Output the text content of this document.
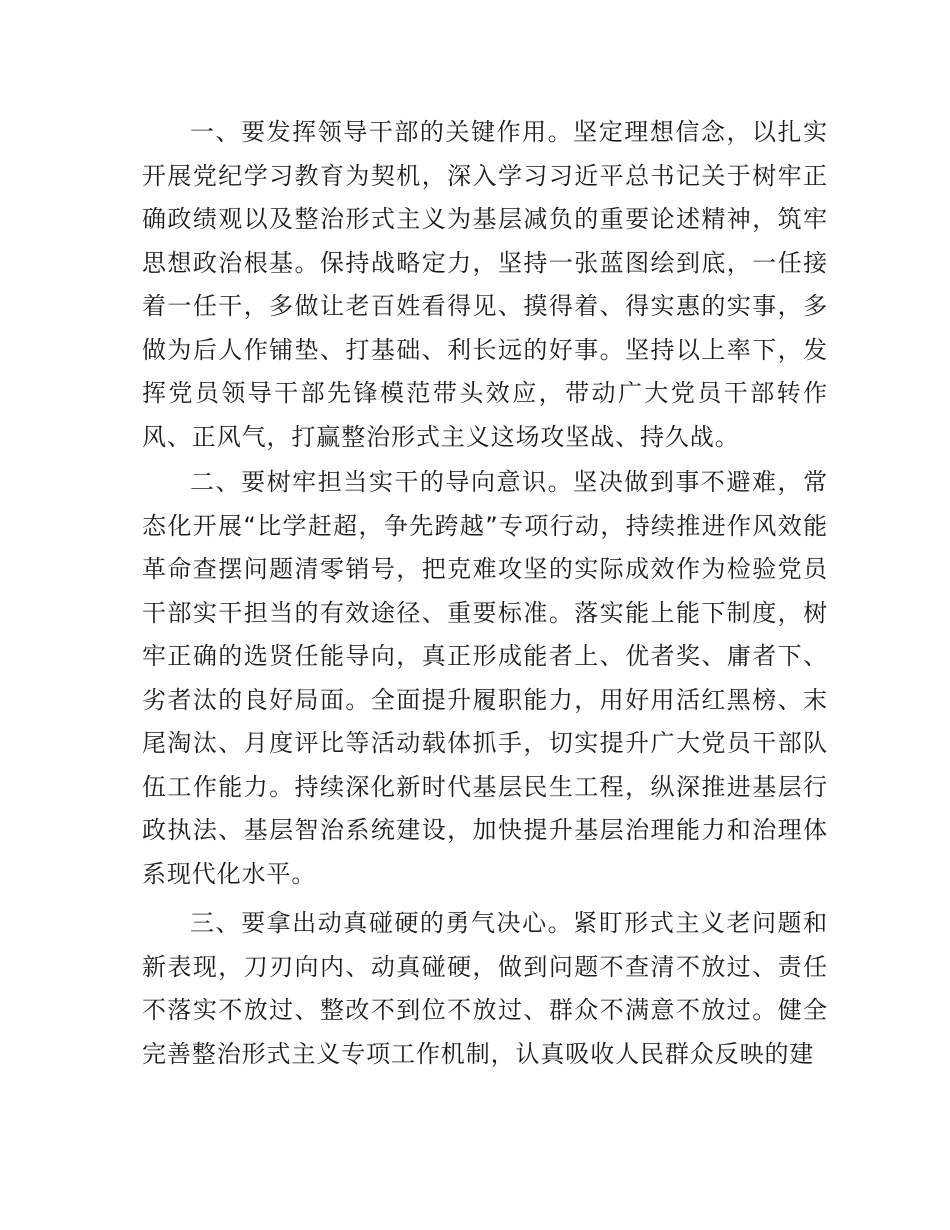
一、要发挥领导干部的关键作用。坚定理想信念，以扎实开展党纪学习教育为契机，深入学习习近平总书记关于树牢正确政绩观以及整治形式主义为基层减负的重要论述精神，筑牢思想政治根基。保持战略定力，坚持一张蓝图绘到底，一任接着一任干，多做让老百姓看得见、摸得着、得实惠的实事，多做为后人作铺垫、打基础、利长远的好事。坚持以上率下，发挥党员领导干部先锋模范带头效应，带动广大党员干部转作风、正风气，打赢整治形式主义这场攻坚战、持久战。

二、要树牢担当实干的导向意识。坚决做到事不避难，常态化开展“比学赶超，争先跨越”专项行动，持续推进作风效能革命查摆问题清零销号，把克难攻坚的实际成效作为检验党员干部实干担当的有效途径、重要标准。落实能上能下制度，树牢正确的选贤任能导向，真正形成能者上、优者奖、庸者下、劣者汰的良好局面。全面提升履职能力，用好用活红黑榜、末尾淘汰、月度评比等活动载体抓手，切实提升广大党员干部队伍工作能力。持续深化新时代基层民生工程，纵深推进基层行政执法、基层智治系统建设，加快提升基层治理能力和治理体系现代化水平。

三、要拿出动真碰硬的勇气决心。紧盯形式主义老问题和新表现，刀刃向内、动真碰硬，做到问题不查清不放过、责任不落实不放过、整改不到位不放过、群众不满意不放过。健全完善整治形式主义专项工作机制，认真吸收人民群众反映的建
